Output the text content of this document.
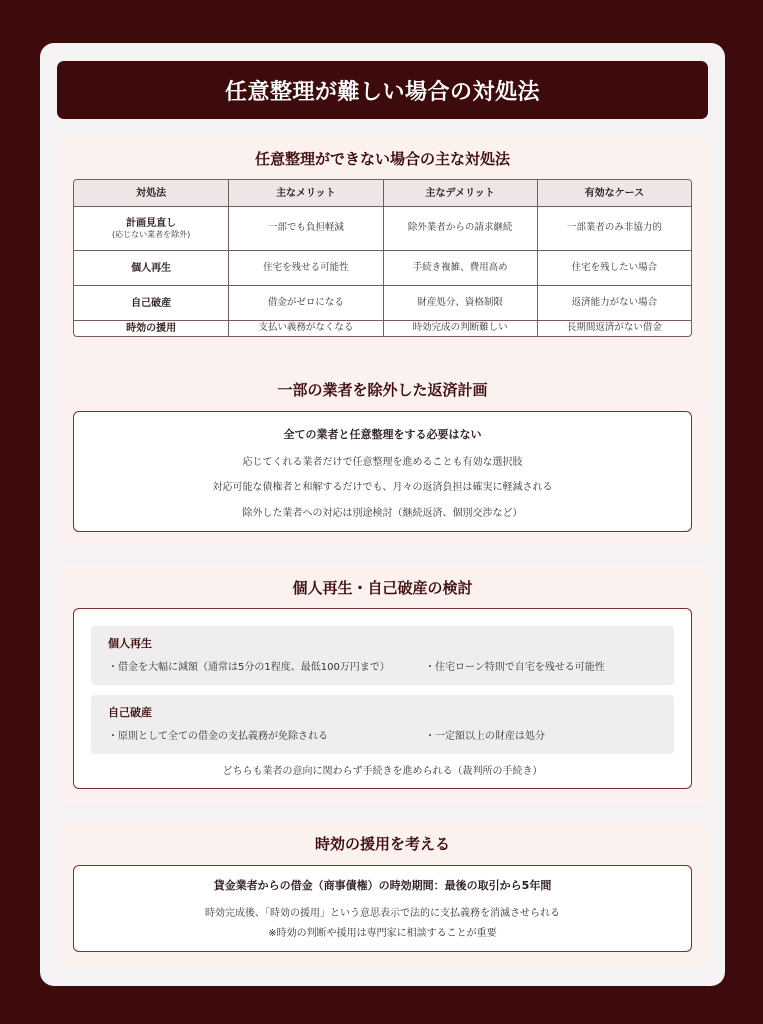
任意整理が難しい場合の対処法
任意整理ができない場合の主な対処法
対処法	主なメリット	主なデメリット	有効なケース
計画見直し
(応じない業者を除外)
一部でも負担軽減	除外業者からの請求継続	一部業者のみ非協力的
個人再生	住宅を残せる可能性	手続き複雑、費用高め	住宅を残したい場合
自己破産	借金がゼロになる	財産処分、資格制限	返済能力がない場合
時効の援用	支払い義務がなくなる	時効完成の判断難しい	長期間返済がない借金
一部の業者を除外した返済計画
全ての業者と任意整理をする必要はない
応じてくれる業者だけで任意整理を進めることも有効な選択肢
対応可能な債権者と和解するだけでも、月々の返済負担は確実に軽減される
除外した業者への対応は別途検討（継続返済、個別交渉など）
個人再生・自己破産の検討
個人再生
・借金を大幅に減額（通常は5分の1程度、最低100万円まで）	・住宅ローン特則で自宅を残せる可能性
自己破産
・原則として全ての借金の支払義務が免除される	・一定額以上の財産は処分
どちらも業者の意向に関わらず手続きを進められる（裁判所の手続き）
時効の援用を考える
貸金業者からの借金（商事債権）の時効期間：最後の取引から5年間
時効完成後、「時効の援用」という意思表示で法的に支払義務を消滅させられる
※時効の判断や援用は専門家に相談することが重要
